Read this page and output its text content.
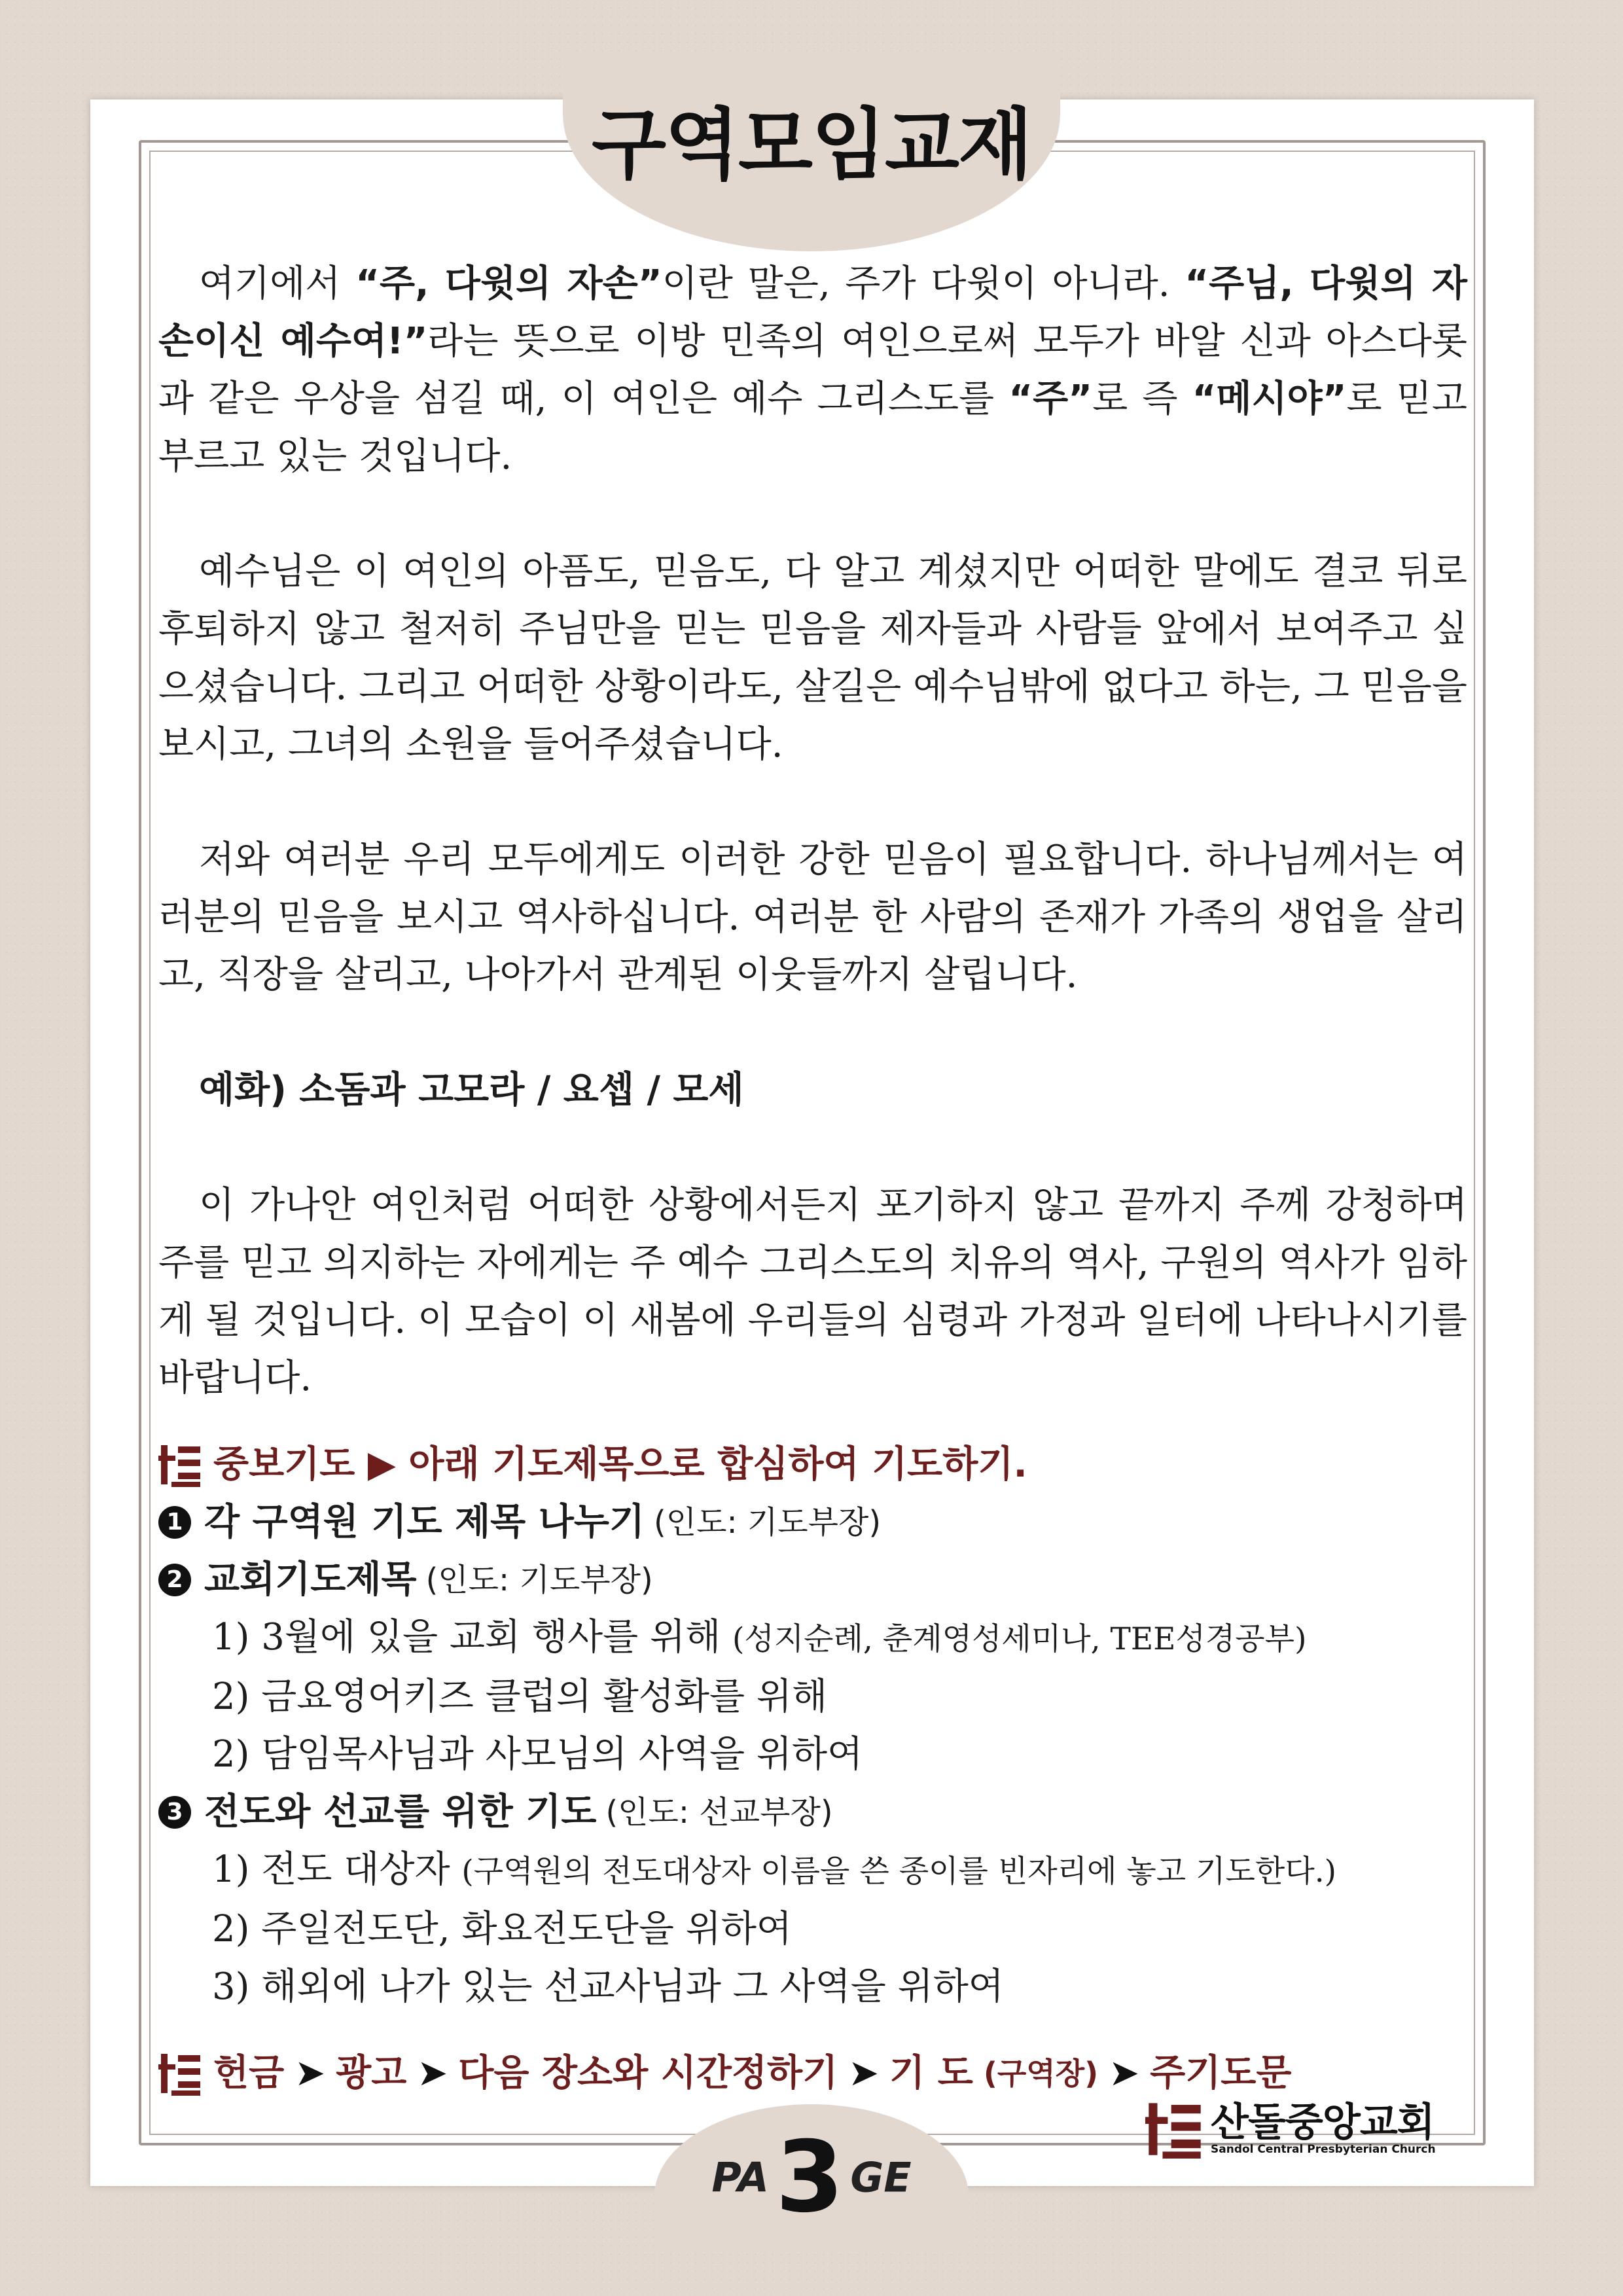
구역모임교재

여기에서 “주, 다윗의 자손”이란 말은, 주가 다윗이 아니라. “주님, 다윗의 자손이신 예수여!”라는 뜻으로 이방 민족의 여인으로써 모두가 바알 신과 아스다롯과 같은 우상을 섬길 때, 이 여인은 예수 그리스도를 “주”로 즉 “메시야”로 믿고 부르고 있는 것입니다.

예수님은 이 여인의 아픔도, 믿음도, 다 알고 계셨지만 어떠한 말에도 결코 뒤로 후퇴하지 않고 철저히 주님만을 믿는 믿음을 제자들과 사람들 앞에서 보여주고 싶으셨습니다. 그리고 어떠한 상황이라도, 살길은 예수님밖에 없다고 하는, 그 믿음을 보시고, 그녀의 소원을 들어주셨습니다.

저와 여러분 우리 모두에게도 이러한 강한 믿음이 필요합니다. 하나님께서는 여러분의 믿음을 보시고 역사하십니다. 여러분 한 사람의 존재가 가족의 생업을 살리고, 직장을 살리고, 나아가서 관계된 이웃들까지 살립니다.

예화) 소돔과 고모라 / 요셉 / 모세

이 가나안 여인처럼 어떠한 상황에서든지 포기하지 않고 끝까지 주께 강청하며 주를 믿고 의지하는 자에게는 주 예수 그리스도의 치유의 역사, 구원의 역사가 임하게 될 것입니다. 이 모습이 이 새봄에 우리들의 심령과 가정과 일터에 나타나시기를 바랍니다.

중보기도 ▶ 아래 기도제목으로 합심하여 기도하기.
1 각 구역원 기도 제목 나누기 (인도: 기도부장)
2 교회기도제목 (인도: 기도부장)
1) 3월에 있을 교회 행사를 위해 (성지순례, 춘계영성세미나, TEE성경공부)
2) 금요영어키즈 클럽의 활성화를 위해
2) 담임목사님과 사모님의 사역을 위하여
3 전도와 선교를 위한 기도 (인도: 선교부장)
1) 전도 대상자 (구역원의 전도대상자 이름을 쓴 종이를 빈자리에 놓고 기도한다.)
2) 주일전도단, 화요전도단을 위하여
3) 해외에 나가 있는 선교사님과 그 사역을 위하여
헌금 ➤ 광고 ➤ 다음 장소와 시간정하기 ➤ 기 도 (구역장) ➤ 주기도문
산돌중앙교회
Sandol Central Presbyterian Church
PA3 GE
